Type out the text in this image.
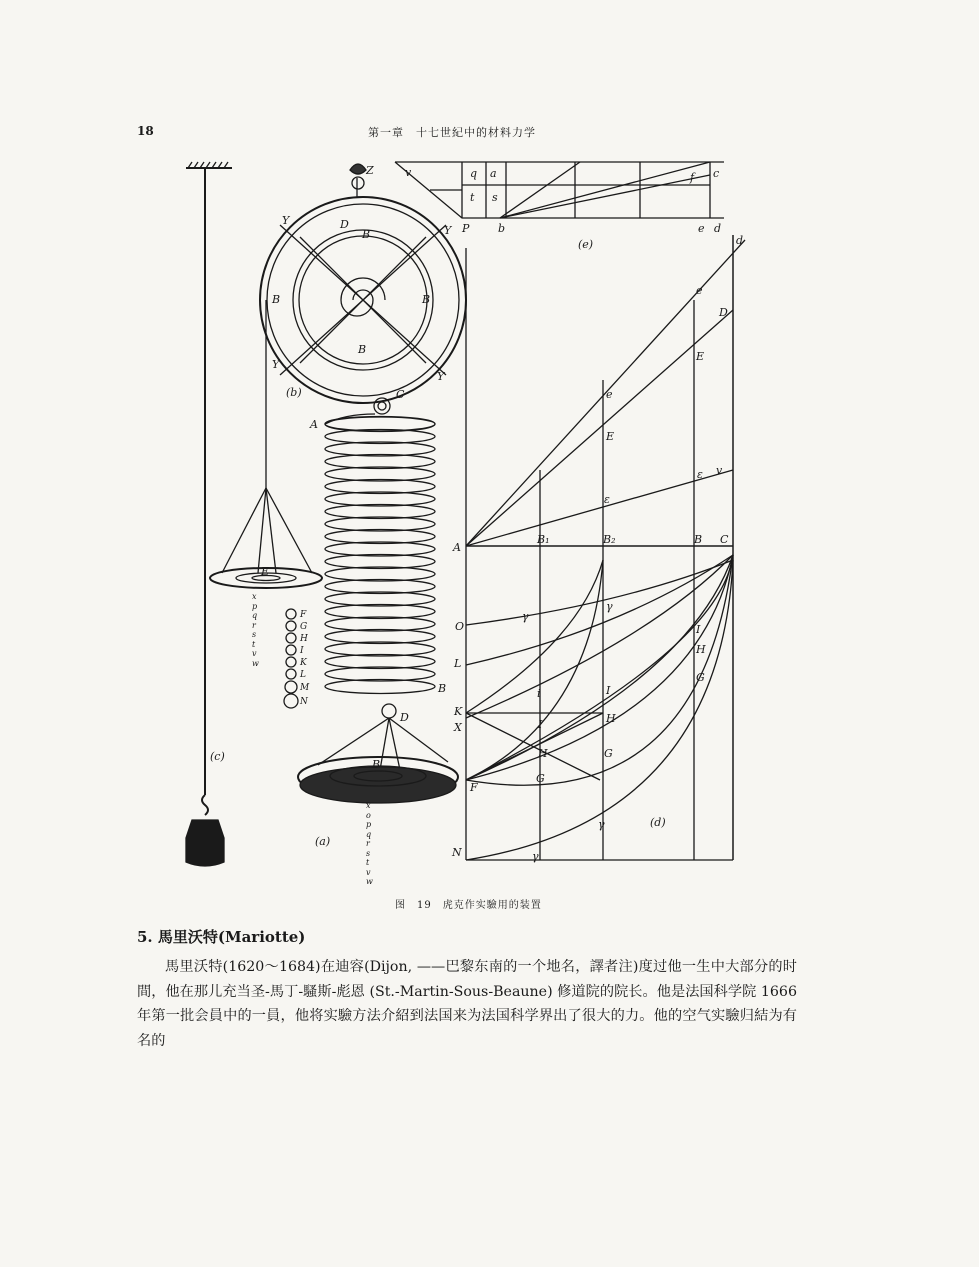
18	第一章　十七世紀中的材料力学
Z
D
B
B	B
B
Y
Y
Y
Y
(b)
A
C
B
D
B
E
(a)
(c)
(e)
(d)
F
G
H
I
K
L
M
N
v	q a	c
t s
f
P	b	e d
d
e
D
E
e
E
ε v
ε
A
B₁	B₂	B C
O
γ
γ
I
H
G
L
i	I
K
I	H
X
H	G
G
F
γ
N	γ
x
p
q
r
s
t
v
w
x
o
p
q
r
s
t
v
w
图　19　虎克作实驗用的装置
5. 馬里沃特(Mariotte)

馬里沃特(1620～1684)在迪容(Dijon, ——巴黎东南的一个地名，譯者注)度过他一生中大部分的时間，他在那儿充当圣-馬丁-騷斯-彪恩 (St.-Martin-Sous-Beaune) 修道院的院长。他是法国科学院 1666 年第一批会員中的一員，他将实驗方法介紹到法国来为法国科学界出了很大的力。他的空气实驗归結为有名的
